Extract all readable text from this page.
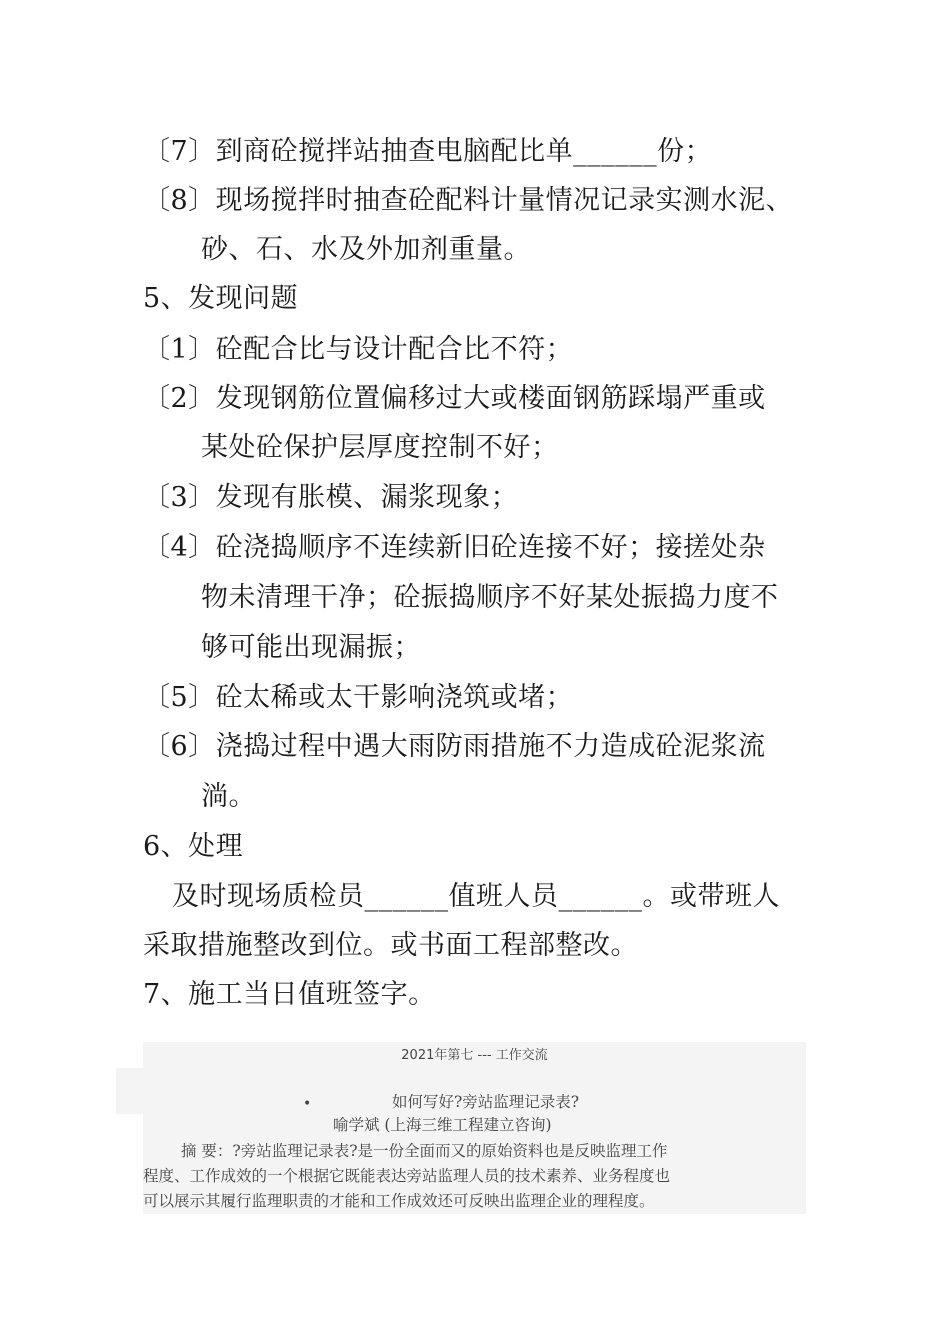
〔7〕到商砼搅拌站抽查电脑配比单______份；
〔8〕现场搅拌时抽查砼配料计量情况记录实测水泥、
砂、石、水及外加剂重量。
5、发现问题
〔1〕砼配合比与设计配合比不符；
〔2〕发现钢筋位置偏移过大或楼面钢筋踩塌严重或
某处砼保护层厚度控制不好；
〔3〕发现有胀模、漏浆现象；
〔4〕砼浇捣顺序不连续新旧砼连接不好；接搓处杂
物未清理干净；砼振捣顺序不好某处振捣力度不
够可能出现漏振；
〔5〕砼太稀或太干影响浇筑或堵；
〔6〕浇捣过程中遇大雨防雨措施不力造成砼泥浆流
淌。
6、处理
及时现场质检员______值班人员______。或带班人
采取措施整改到位。或书面工程部整改。
7、施工当日值班签字。
2021年第七 --- 工作交流
•	如何写好?旁站监理记录表?
喻学斌 (上海三维工程建立咨询)
摘 要：?旁站监理记录表?是一份全面而又的原始资料也是反映监理工作
程度、工作成效的一个根据它既能表达旁站监理人员的技术素养、业务程度也
可以展示其履行监理职责的才能和工作成效还可反映出监理企业的理程度。
